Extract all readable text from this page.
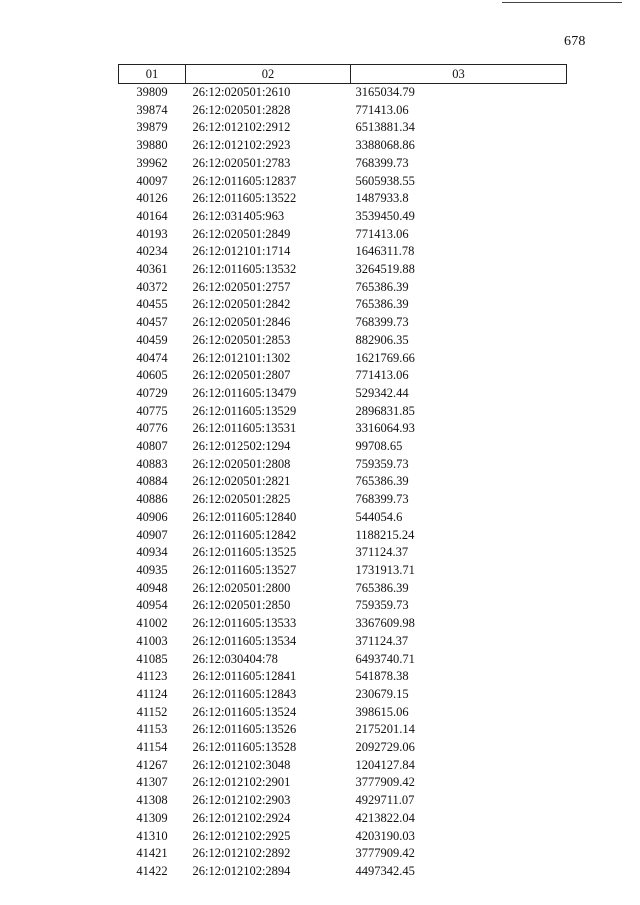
678
01	02	03
39809	26:12:020501:2610	3165034.79
39874	26:12:020501:2828	771413.06
39879	26:12:012102:2912	6513881.34
39880	26:12:012102:2923	3388068.86
39962	26:12:020501:2783	768399.73
40097	26:12:011605:12837	5605938.55
40126	26:12:011605:13522	1487933.8
40164	26:12:031405:963	3539450.49
40193	26:12:020501:2849	771413.06
40234	26:12:012101:1714	1646311.78
40361	26:12:011605:13532	3264519.88
40372	26:12:020501:2757	765386.39
40455	26:12:020501:2842	765386.39
40457	26:12:020501:2846	768399.73
40459	26:12:020501:2853	882906.35
40474	26:12:012101:1302	1621769.66
40605	26:12:020501:2807	771413.06
40729	26:12:011605:13479	529342.44
40775	26:12:011605:13529	2896831.85
40776	26:12:011605:13531	3316064.93
40807	26:12:012502:1294	99708.65
40883	26:12:020501:2808	759359.73
40884	26:12:020501:2821	765386.39
40886	26:12:020501:2825	768399.73
40906	26:12:011605:12840	544054.6
40907	26:12:011605:12842	1188215.24
40934	26:12:011605:13525	371124.37
40935	26:12:011605:13527	1731913.71
40948	26:12:020501:2800	765386.39
40954	26:12:020501:2850	759359.73
41002	26:12:011605:13533	3367609.98
41003	26:12:011605:13534	371124.37
41085	26:12:030404:78	6493740.71
41123	26:12:011605:12841	541878.38
41124	26:12:011605:12843	230679.15
41152	26:12:011605:13524	398615.06
41153	26:12:011605:13526	2175201.14
41154	26:12:011605:13528	2092729.06
41267	26:12:012102:3048	1204127.84
41307	26:12:012102:2901	3777909.42
41308	26:12:012102:2903	4929711.07
41309	26:12:012102:2924	4213822.04
41310	26:12:012102:2925	4203190.03
41421	26:12:012102:2892	3777909.42
41422	26:12:012102:2894	4497342.45
